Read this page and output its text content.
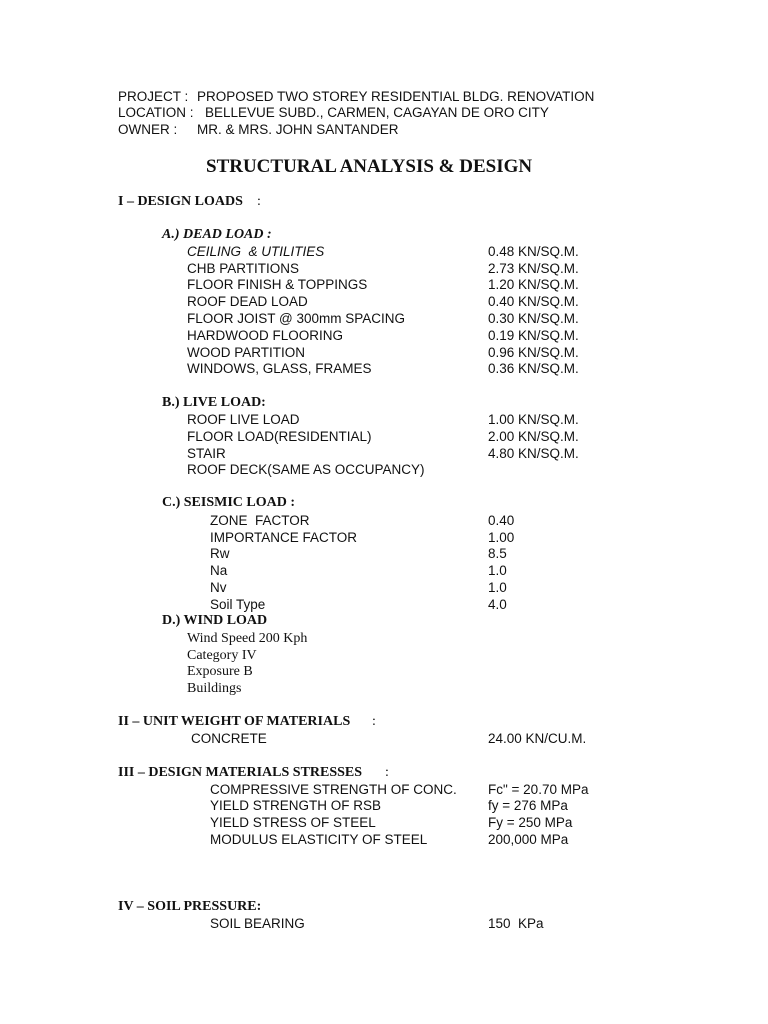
PROJECT : PROPOSED TWO STOREY RESIDENTIAL BLDG. RENOVATION
LOCATION : BELLEVUE SUBD., CARMEN, CAGAYAN DE ORO CITY
OWNER : MR. & MRS. JOHN SANTANDER
STRUCTURAL ANALYSIS & DESIGN
I – DESIGN LOADS :
A.) DEAD LOAD :
CEILING  & UTILITIES	0.48 KN/SQ.M.
CHB PARTITIONS	2.73 KN/SQ.M.
FLOOR FINISH & TOPPINGS	1.20 KN/SQ.M.
ROOF DEAD LOAD	0.40 KN/SQ.M.
FLOOR JOIST @ 300mm SPACING	0.30 KN/SQ.M.
HARDWOOD FLOORING	0.19 KN/SQ.M.
WOOD PARTITION	0.96 KN/SQ.M.
WINDOWS, GLASS, FRAMES	0.36 KN/SQ.M.
B.) LIVE LOAD:
ROOF LIVE LOAD	1.00 KN/SQ.M.
FLOOR LOAD(RESIDENTIAL)	2.00 KN/SQ.M.
STAIR	4.80 KN/SQ.M.
ROOF DECK(SAME AS OCCUPANCY)
C.) SEISMIC LOAD :
ZONE  FACTOR	0.40
IMPORTANCE FACTOR	1.00
Rw	8.5
Na	1.0
Nv	1.0
Soil Type	4.0
D.) WIND LOAD
Wind Speed 200 Kph
Category IV
Exposure B
Buildings
II – UNIT WEIGHT OF MATERIALS :
CONCRETE	24.00 KN/CU.M.
III – DESIGN MATERIALS STRESSES :
COMPRESSIVE STRENGTH OF CONC. Fc" = 20.70 MPa
YIELD STRENGTH OF RSB	fy = 276 MPa
YIELD STRESS OF STEEL	Fy = 250 MPa
MODULUS ELASTICITY OF STEEL	200,000 MPa
IV – SOIL PRESSURE:
SOIL BEARING	150  KPa
